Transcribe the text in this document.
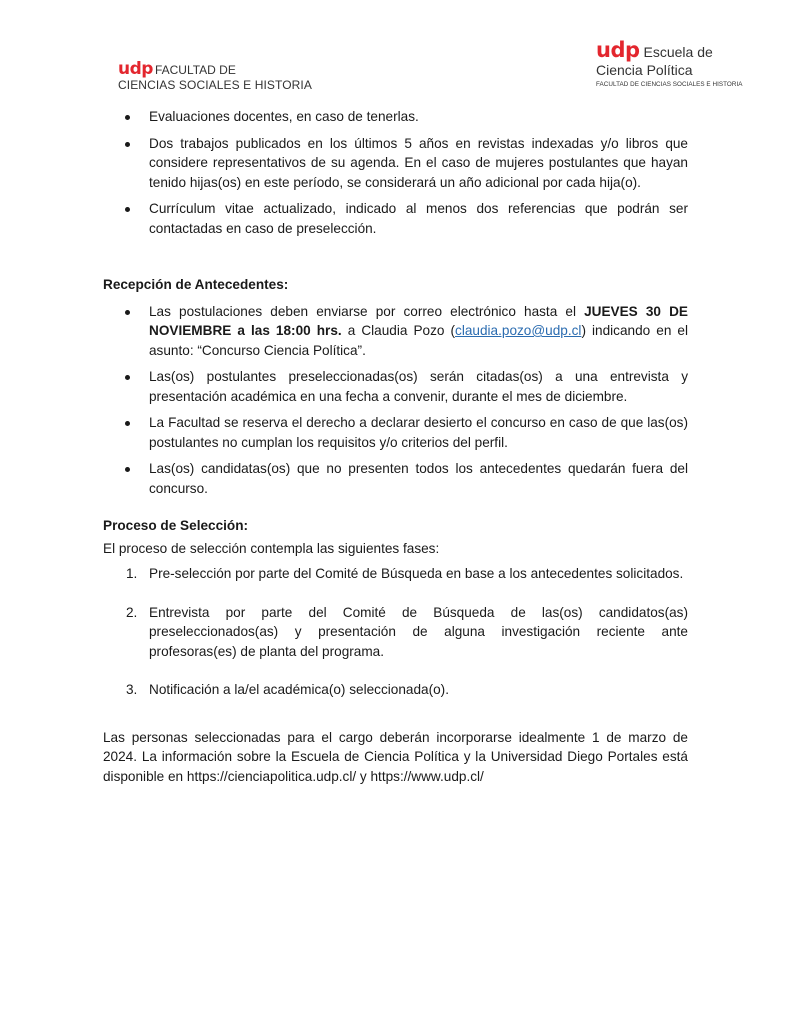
udp FACULTAD DE
CIENCIAS SOCIALES E HISTORIA
udp Escuela de
Ciencia Política
FACULTAD DE CIENCIAS SOCIALES E HISTORIA
Evaluaciones docentes, en caso de tenerlas.
Dos trabajos publicados en los últimos 5 años en revistas indexadas y/o libros que considere representativos de su agenda. En el caso de mujeres postulantes que hayan tenido hijas(os) en este período, se considerará un año adicional por cada hija(o).
Currículum vitae actualizado, indicado al menos dos referencias que podrán ser contactadas en caso de preselección.

Recepción de Antecedentes:

Las postulaciones deben enviarse por correo electrónico hasta el JUEVES 30 DE NOVIEMBRE a las 18:00 hrs. a Claudia Pozo (claudia.pozo@udp.cl) indicando en el asunto: “Concurso Ciencia Política”.
Las(os) postulantes preseleccionadas(os) serán citadas(os) a una entrevista y presentación académica en una fecha a convenir, durante el mes de diciembre.
La Facultad se reserva el derecho a declarar desierto el concurso en caso de que las(os) postulantes no cumplan los requisitos y/o criterios del perfil.
Las(os) candidatas(os) que no presenten todos los antecedentes quedarán fuera del concurso.

Proceso de Selección:

El proceso de selección contempla las siguientes fases:

1. Pre-selección por parte del Comité de Búsqueda en base a los antecedentes solicitados.
2. Entrevista por parte del Comité de Búsqueda de las(os) candidatos(as) preseleccionados(as) y presentación de alguna investigación reciente ante profesoras(es) de planta del programa.
3. Notificación a la/el académica(o) seleccionada(o).

Las personas seleccionadas para el cargo deberán incorporarse idealmente 1 de marzo de 2024. La información sobre la Escuela de Ciencia Política y la Universidad Diego Portales está disponible en https://cienciapolitica.udp.cl/ y https://www.udp.cl/
